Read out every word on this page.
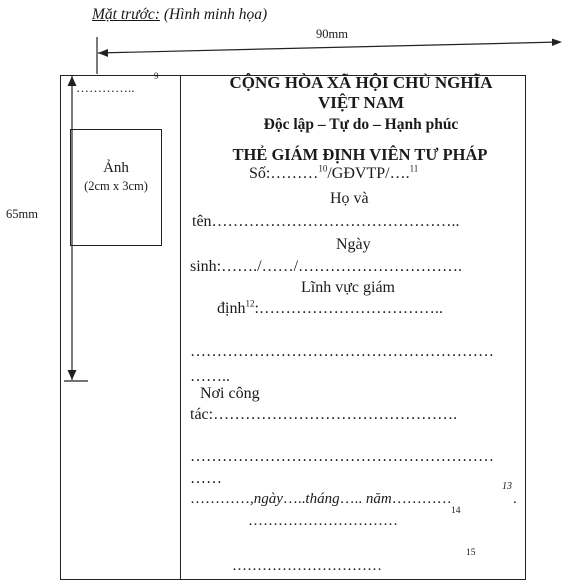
Mặt trước: (Hình minh họa)
90mm
65mm
…………..
9
Ảnh
(2cm x 3cm)
CỘNG HÒA XÃ HỘI CHỦ NGHĨA
VIỆT NAM
Độc lập – Tự do – Hạnh phúc
THẺ GIÁM ĐỊNH VIÊN TƯ PHÁP
Số:………$^{10}$/GĐVTP/….$^{11}$
Họ và
tên………………………………………..
Ngày
sinh:……./……/………………………….
Lĩnh vực giám
định$^{12}$:……………………………..
…………………………………………………
……..
Nơi công
tác:……………………………………….
…………………………………………………
……
…………,ngày…..tháng….. năm…………
13
.
…………………………
14
…………………………
15
